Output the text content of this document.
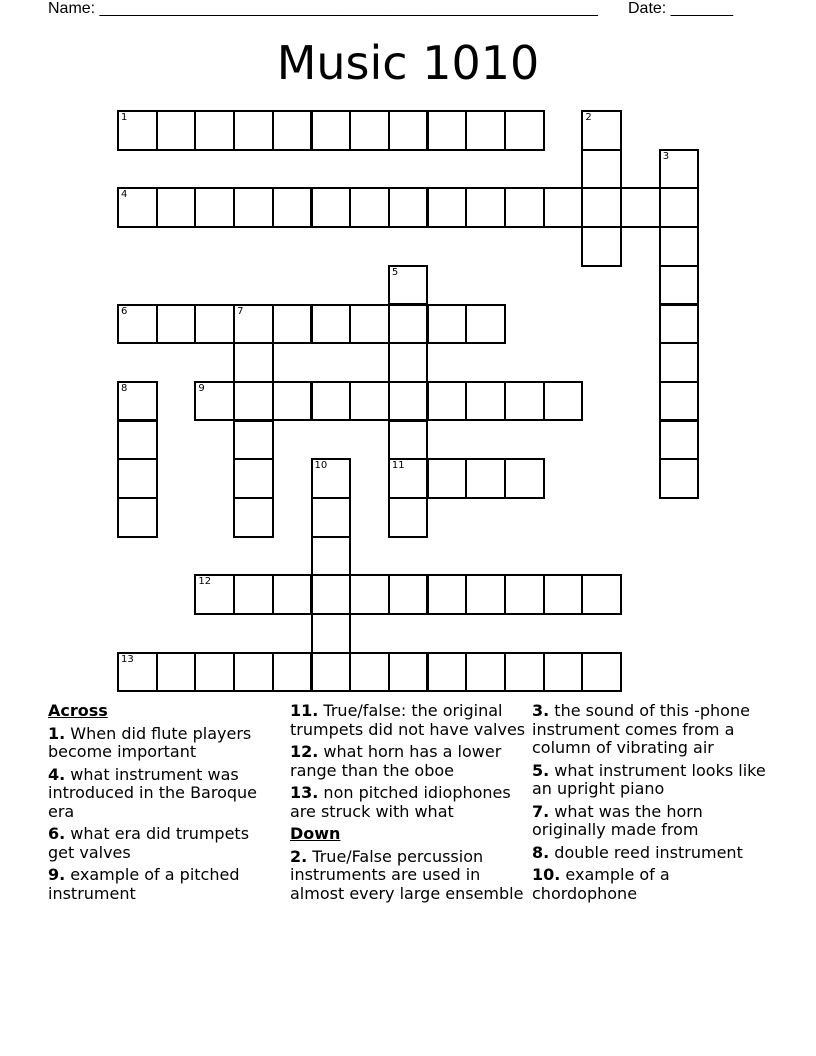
Name: ________________________________________________________ Date: _______
Music 1010
1
4
6	7
9
11
12
13
2
3
5
8
10
Across
1. When did flute players become important
4. what instrument was introduced in the Baroque era
6. what era did trumpets get valves
9. example of a pitched instrument
11. True/false: the original trumpets did not have valves
12. what horn has a lower range than the oboe
13. non pitched idiophones are struck with what
Down
2. True/False percussion instruments are used in almost every large ensemble
3. the sound of this -phone instrument comes from a column of vibrating air
5. what instrument looks like an upright piano
7. what was the horn originally made from
8. double reed instrument
10. example of a chordophone
